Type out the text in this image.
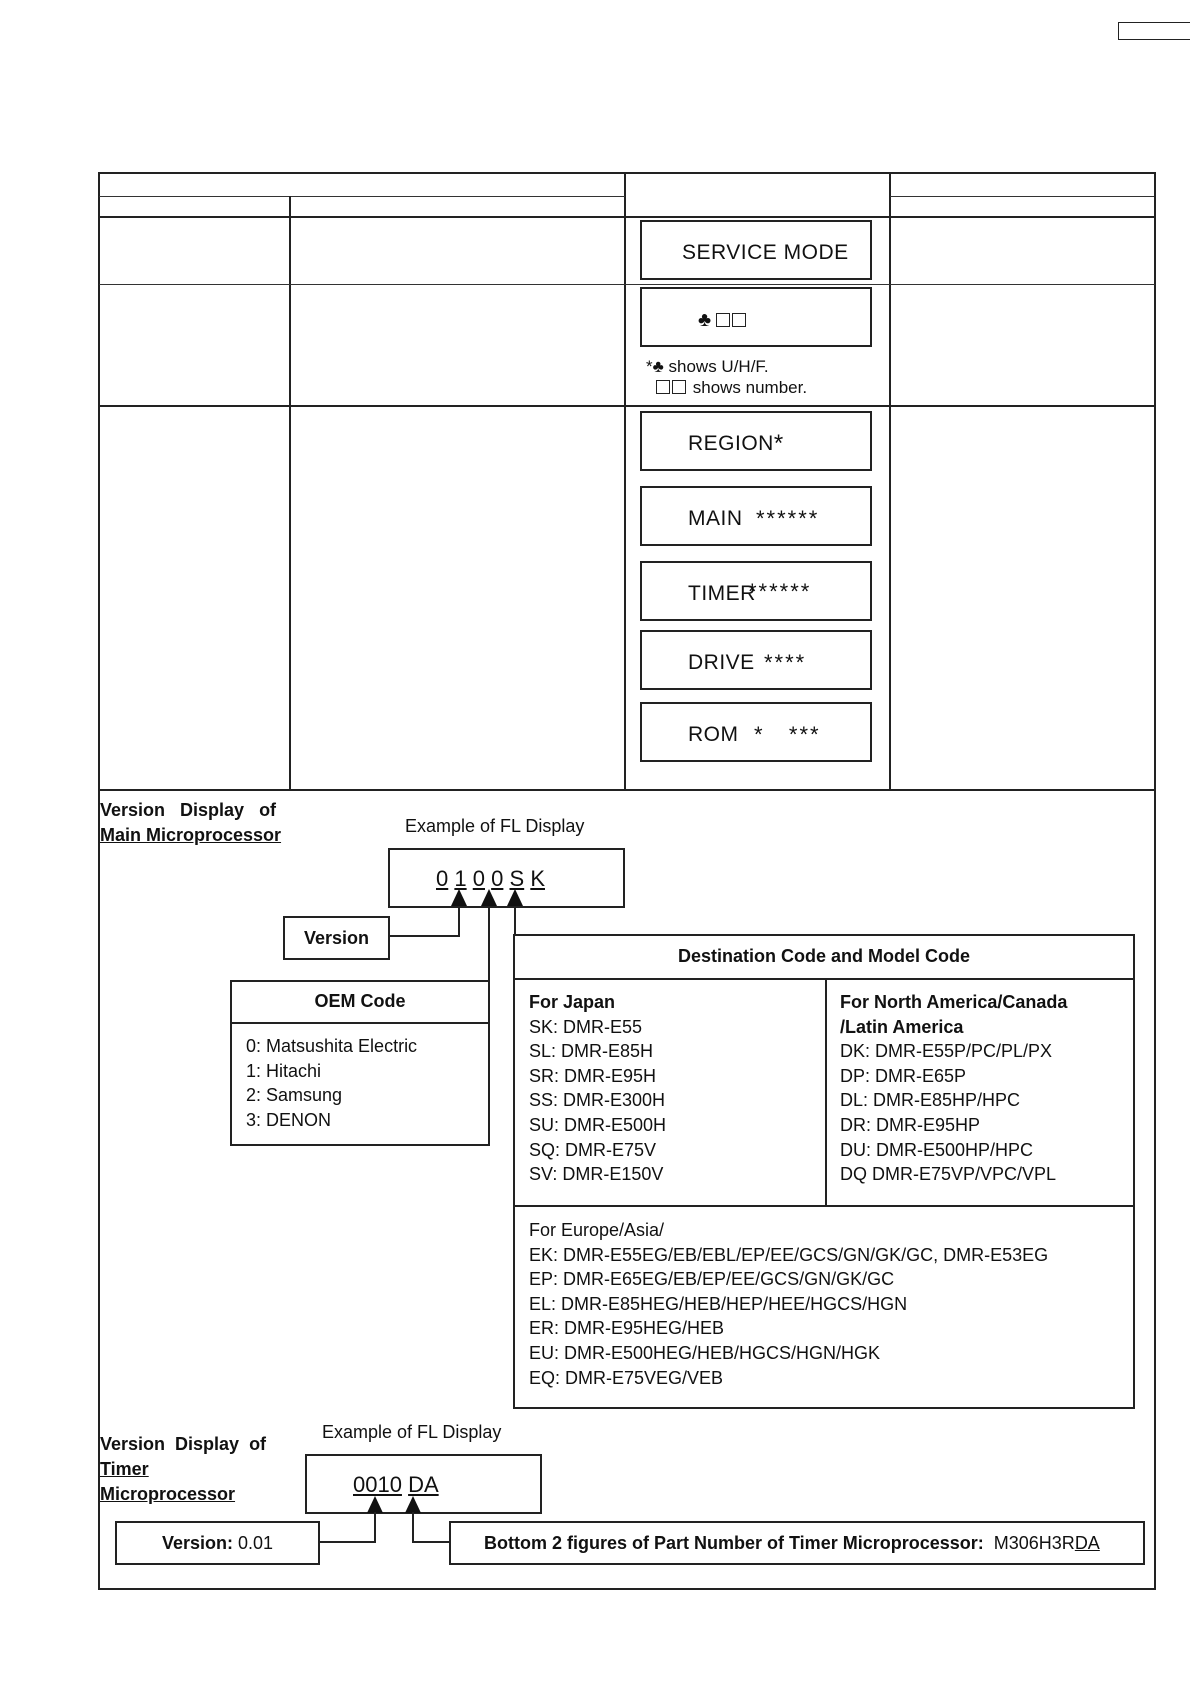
SERVICE MODE
♣
*♣ shows U/H/F.
shows number.
REGION *
MAIN ******
TIMER
******
DRIVE ****
ROM *   ***
Version   Display   of
Main Microprocessor	Example of FL Display
0 1 0 0 S K
Version
OEM Code
0: Matsushita Electric
1: Hitachi
2: Samsung
3: DENON
Destination Code and Model Code
For Japan
SK: DMR-E55
SL: DMR-E85H
SR: DMR-E95H
SS: DMR-E300H
SU: DMR-E500H
SQ: DMR-E75V
SV: DMR-E150V
For North America/Canada
/Latin America
DK: DMR-E55P/PC/PL/PX
DP: DMR-E65P
DL: DMR-E85HP/HPC
DR: DMR-E95HP
DU: DMR-E500HP/HPC
DQ DMR-E75VP/VPC/VPL
For Europe/Asia/
EK: DMR-E55EG/EB/EBL/EP/EE/GCS/GN/GK/GC, DMR-E53EG
EP: DMR-E65EG/EB/EP/EE/GCS/GN/GK/GC
EL: DMR-E85HEG/HEB/HEP/HEE/HGCS/HGN
ER: DMR-E95HEG/HEB
EU: DMR-E500HEG/HEB/HGCS/HGN/HGK
EQ: DMR-E75VEG/VEB
Version  Display  of
Timer
Microprocessor
Example of FL Display
0010 DA
Version:
0.01	Bottom 2 figures of Part Number of Timer Microprocessor:
M306H3R DA
